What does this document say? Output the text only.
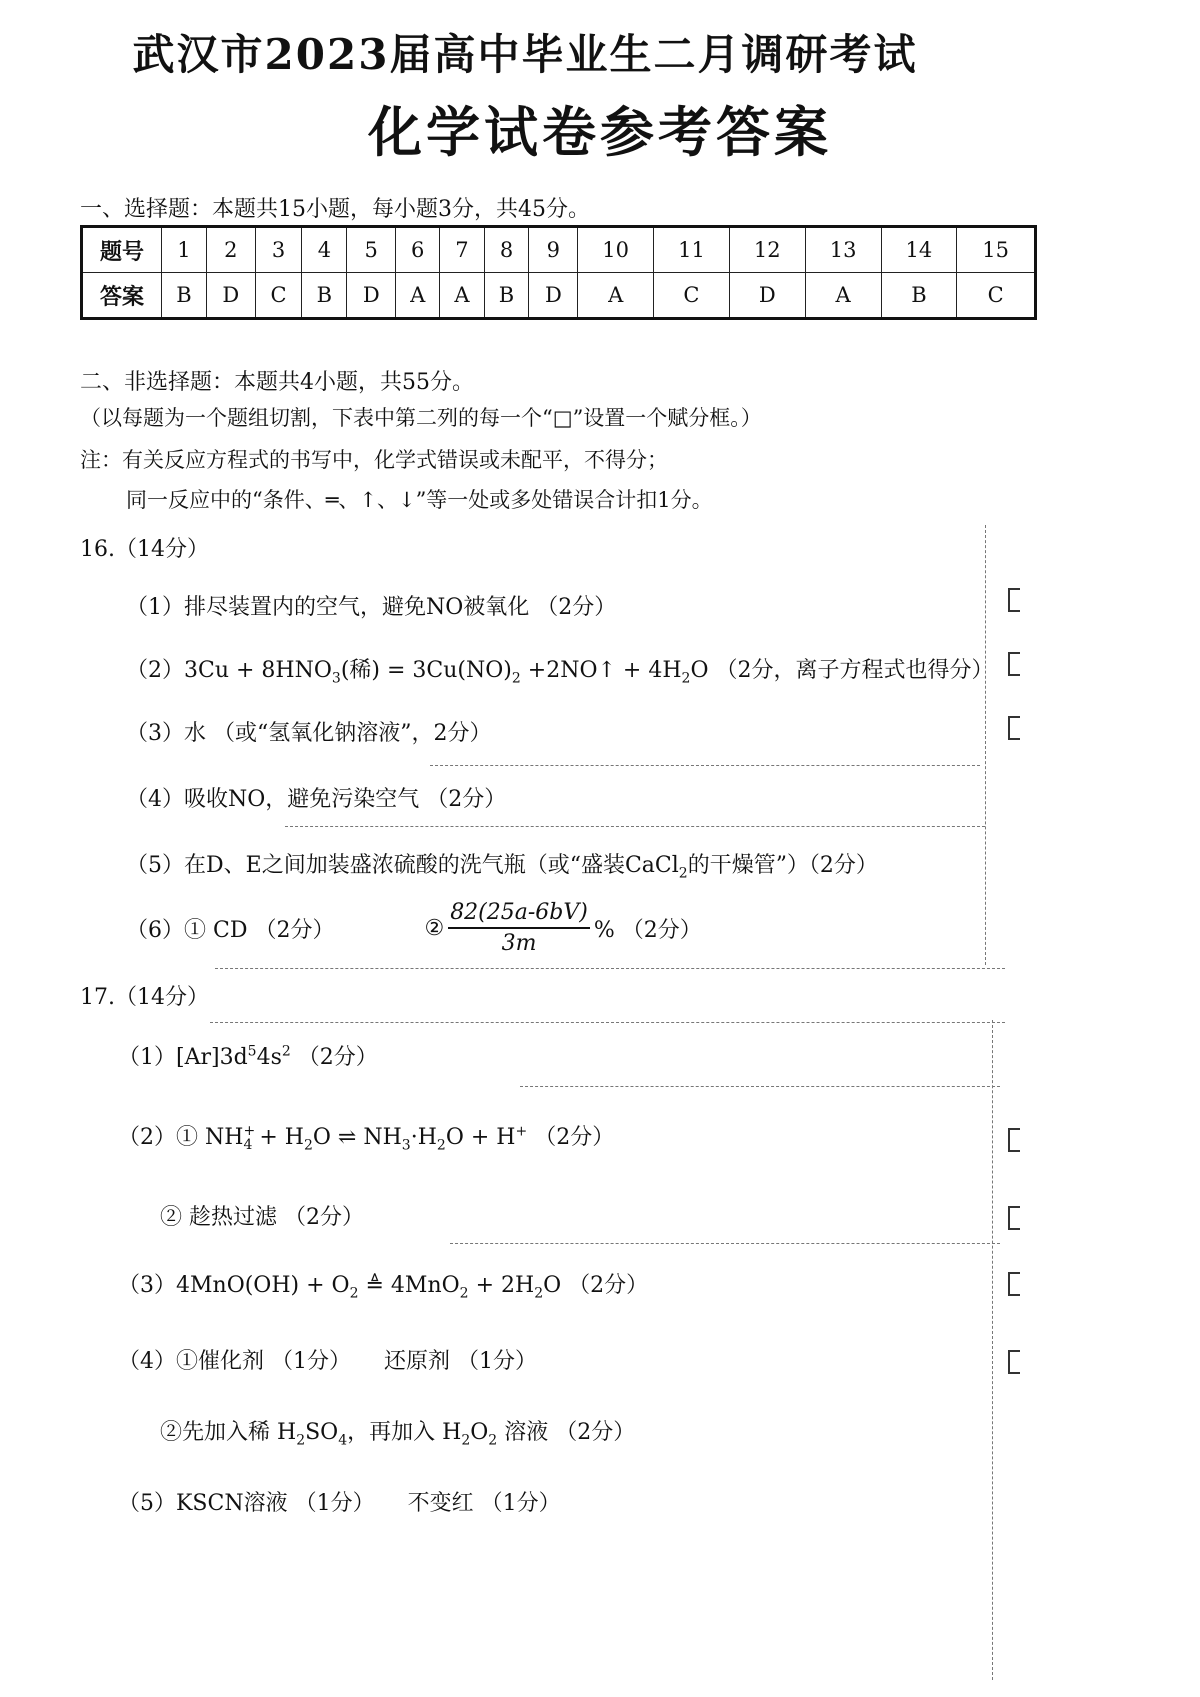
武汉市2023届高中毕业生二月调研考试
化学试卷参考答案
一、选择题：本题共15小题，每小题3分，共45分。
题号	1	2	3	4	5	6	7	8	9	10	11	12	13	14	15
答案	B	D	C	B	D	A	A	B	D	A	C	D	A	B	C
二、非选择题：本题共4小题，共55分。
（以每题为一个题组切割，下表中第二列的每一个“□”设置一个赋分框。）
注：有关反应方程式的书写中，化学式错误或未配平，不得分；
同一反应中的“条件、═、↑、↓”等一处或多处错误合计扣1分。
16.（14分）
（1）排尽装置内的空气，避免NO被氧化 （2分）
$(2)3Cu + 8HNO_3$(稀) = $3Cu(NO)_2$ +2NO↑ + $4H_2O$ （2分，离子方程式也得分）
（3）水 （或“氢氧化钠溶液”，2分）
（4）吸收NO，避免污染空气 （2分）
（5）在D、E之间加装盛浓硫酸的洗气瓶（或“盛装CaCl$_2$的干燥管”）（2分）
（6）① CD （2分）	② $\frac{82(25a-6bV)}{3m}$ % （2分）
17.（14分）
$(1)[Ar]3d^54s^2$ （2分）
（2）① NH $_{+ 4} + H_2O$ ⇌ $NH_3\cdot H_2O + H^+$ （2分）
② 趁热过滤 （2分）
$(3)4MnO(OH) + O_2$ ≜ $4MnO_2 + 2H_2O$ （2分）
（4）①催化剂 （1分）　　还原剂 （1分）
②先加入稀 $H_2SO_4$，再加入 $H_2O_2$ 溶液 （2分）
（5）KSCN溶液 （1分）　　不变红 （1分）
